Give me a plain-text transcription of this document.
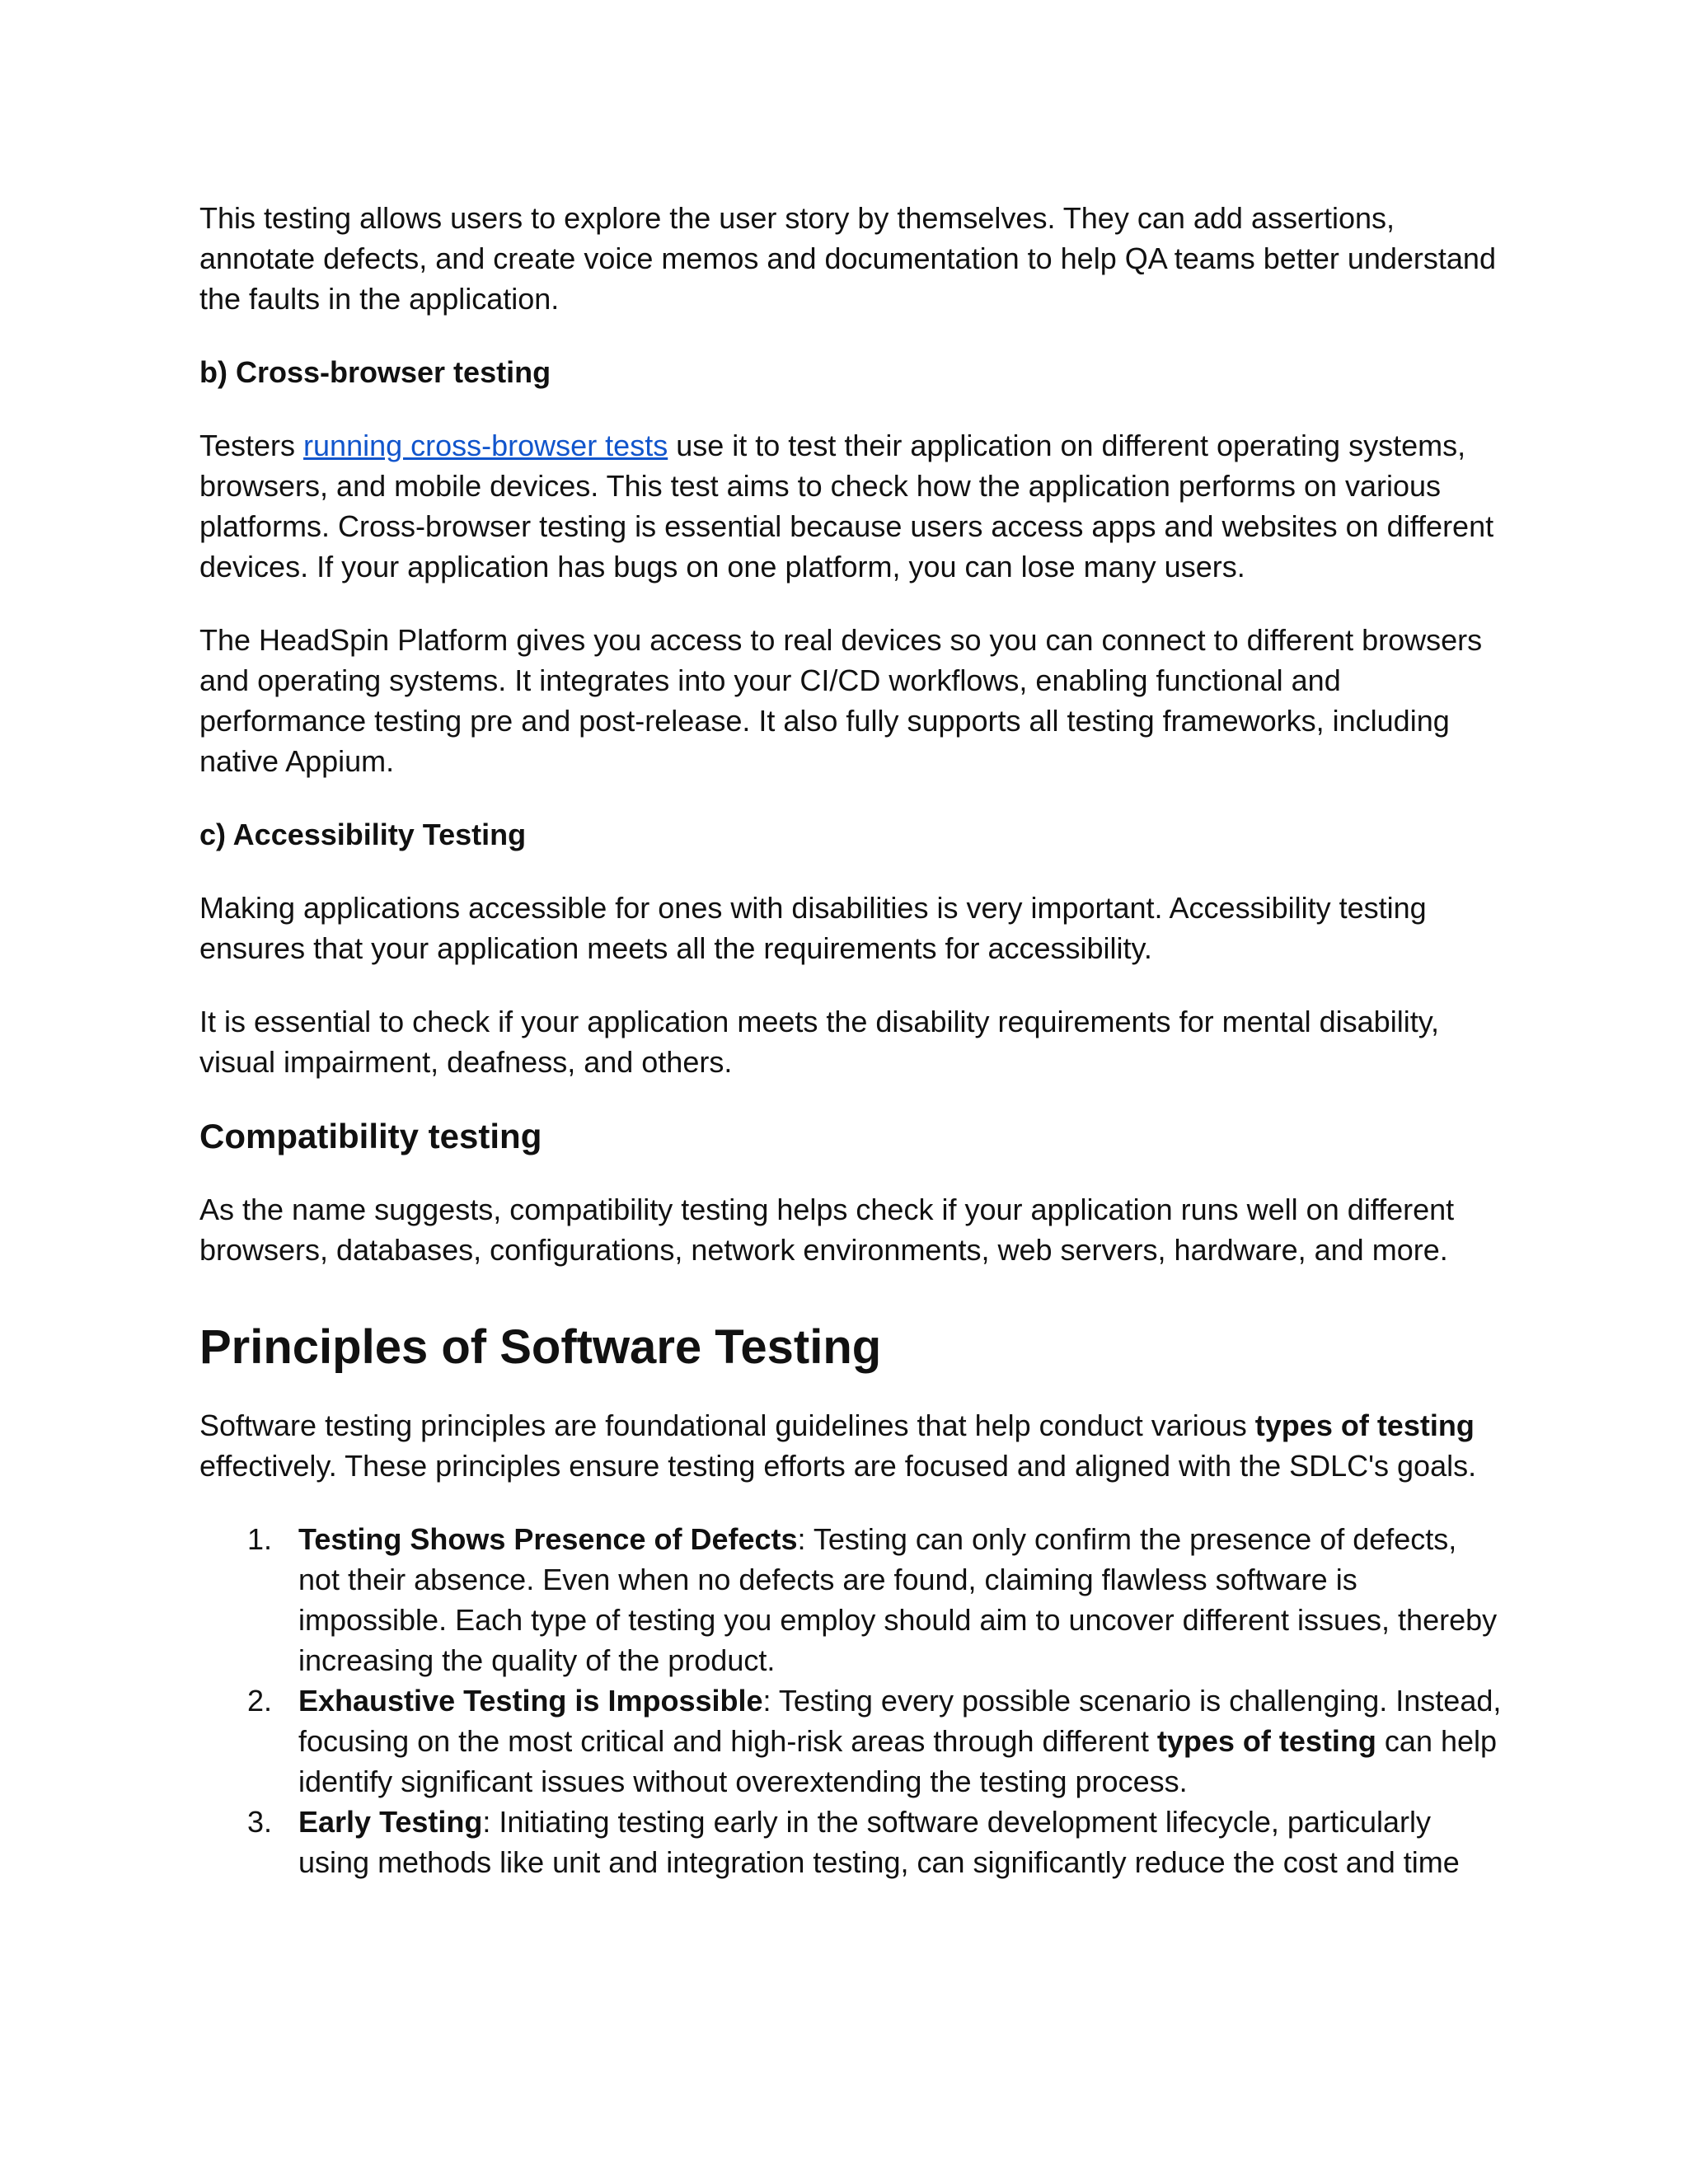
This testing allows users to explore the user story by themselves. They can add assertions, annotate defects, and create voice memos and documentation to help QA teams better understand the faults in the application.

b) Cross-browser testing

Testers running cross-browser tests use it to test their application on different operating systems, browsers, and mobile devices. This test aims to check how the application performs on various platforms. Cross-browser testing is essential because users access apps and websites on different devices. If your application has bugs on one platform, you can lose many users.

The HeadSpin Platform gives you access to real devices so you can connect to different browsers and operating systems. It integrates into your CI/CD workflows, enabling functional and performance testing pre and post-release. It also fully supports all testing frameworks, including native Appium.

c) Accessibility Testing

Making applications accessible for ones with disabilities is very important. Accessibility testing ensures that your application meets all the requirements for accessibility.

It is essential to check if your application meets the disability requirements for mental disability, visual impairment, deafness, and others.

Compatibility testing

As the name suggests, compatibility testing helps check if your application runs well on different browsers, databases, configurations, network environments, web servers, hardware, and more.

Principles of Software Testing

Software testing principles are foundational guidelines that help conduct various types of testing effectively. These principles ensure testing efforts are focused and aligned with the SDLC's goals.

1. Testing Shows Presence of Defects: Testing can only confirm the presence of defects, not their absence. Even when no defects are found, claiming flawless software is impossible. Each type of testing you employ should aim to uncover different issues, thereby increasing the quality of the product.
2. Exhaustive Testing is Impossible: Testing every possible scenario is challenging. Instead, focusing on the most critical and high-risk areas through different types of testing can help identify significant issues without overextending the testing process.
3. Early Testing: Initiating testing early in the software development lifecycle, particularly using methods like unit and integration testing, can significantly reduce the cost and time
